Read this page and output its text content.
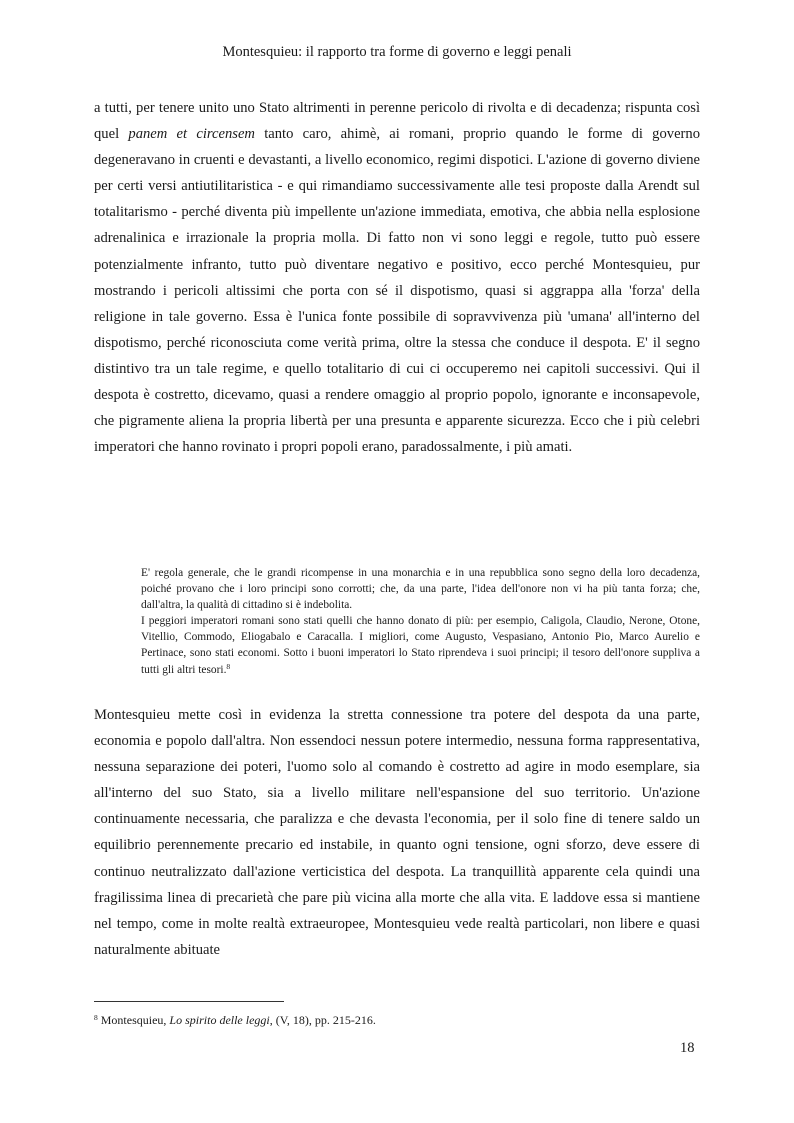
Montesquieu: il rapporto tra forme di governo e leggi penali

a tutti, per tenere unito uno Stato altrimenti in perenne pericolo di rivolta e di decadenza; rispunta così quel panem et circensem tanto caro, ahimè, ai romani, proprio quando le forme di governo degeneravano in cruenti e devastanti, a livello economico, regimi dispotici. L'azione di governo diviene per certi versi antiutilitaristica - e qui rimandiamo successivamente alle tesi proposte dalla Arendt sul totalitarismo - perché diventa più impellente un'azione immediata, emotiva, che abbia nella esplosione adrenalinica e irrazionale la propria molla. Di fatto non vi sono leggi e regole, tutto può essere potenzialmente infranto, tutto può diventare negativo e positivo, ecco perché Montesquieu, pur mostrando i pericoli altissimi che porta con sé il dispotismo, quasi si aggrappa alla 'forza' della religione in tale governo. Essa è l'unica fonte possibile di sopravvivenza più 'umana' all'interno del dispotismo, perché riconosciuta come verità prima, oltre la stessa che conduce il despota. E' il segno distintivo tra un tale regime, e quello totalitario di cui ci occuperemo nei capitoli successivi. Qui il despota è costretto, dicevamo, quasi a rendere omaggio al proprio popolo, ignorante e inconsapevole, che pigramente aliena la propria libertà per una presunta e apparente sicurezza. Ecco che i più celebri imperatori che hanno rovinato i propri popoli erano, paradossalmente, i più amati.

E' regola generale, che le grandi ricompense in una monarchia e in una repubblica sono segno della loro decadenza, poiché provano che i loro principi sono corrotti; che, da una parte, l'idea dell'onore non vi ha più tanta forza; che, dall'altra, la qualità di cittadino si è indebolita.

I peggiori imperatori romani sono stati quelli che hanno donato di più: per esempio, Caligola, Claudio, Nerone, Otone, Vitellio, Commodo, Eliogabalo e Caracalla. I migliori, come Augusto, Vespasiano, Antonio Pio, Marco Aurelio e Pertinace, sono stati economi. Sotto i buoni imperatori lo Stato riprendeva i suoi principi; il tesoro dell'onore suppliva a tutti gli altri tesori.$^8$

Montesquieu mette così in evidenza la stretta connessione tra potere del despota da una parte, economia e popolo dall'altra. Non essendoci nessun potere intermedio, nessuna forma rappresentativa, nessuna separazione dei poteri, l'uomo solo al comando è costretto ad agire in modo esemplare, sia all'interno del suo Stato, sia a livello militare nell'espansione del suo territorio. Un'azione continuamente necessaria, che paralizza e che devasta l'economia, per il solo fine di tenere saldo un equilibrio perennemente precario ed instabile, in quanto ogni tensione, ogni sforzo, deve essere di continuo neutralizzato dall'azione verticistica del despota. La tranquillità apparente cela quindi una fragilissima linea di precarietà che pare più vicina alla morte che alla vita. E laddove essa si mantiene nel tempo, come in molte realtà extraeuropee, Montesquieu vede realtà particolari, non libere e quasi naturalmente abituate

$^8$ Montesquieu, Lo spirito delle leggi, (V, 18), pp. 215-216.

18
